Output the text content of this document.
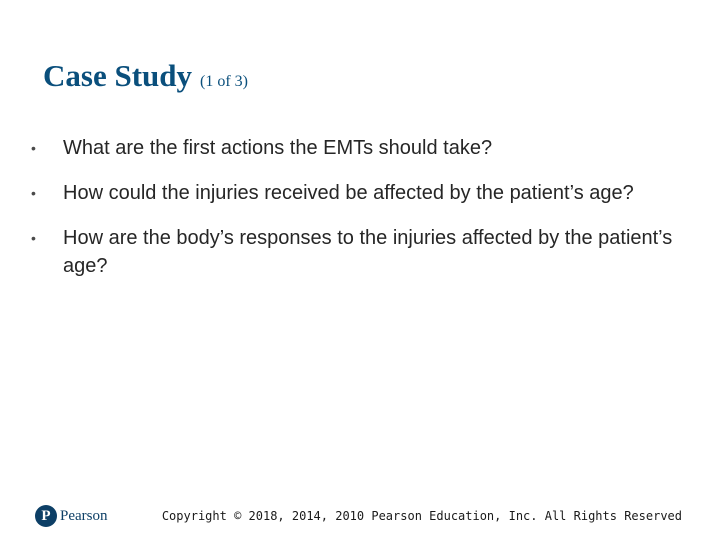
Case Study (1 of 3)
•	What are the first actions the EMTs should take?
•	How could the injuries received be affected by the patient’s age?
•	How are the body’s responses to the injuries affected by the patient’s age?
P Pearson	Copyright © 2018, 2014, 2010 Pearson Education, Inc. All Rights Reserved
